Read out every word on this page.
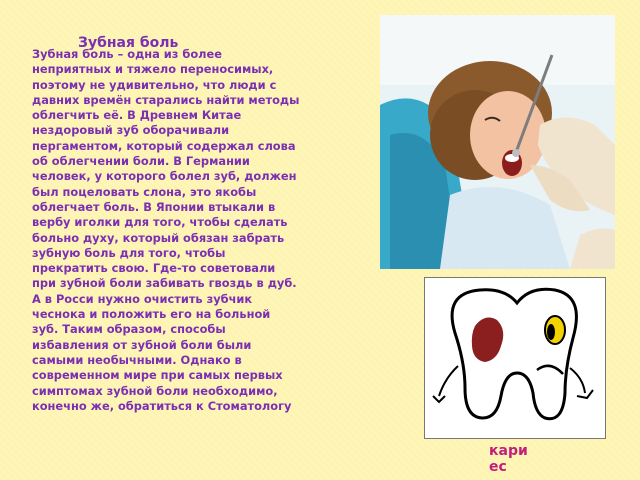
Зубная боль
Зубная боль – одна из более неприятных и тяжело переносимых, поэтому не удивительно, что люди с давних времён старались найти методы облегчить её. В Древнем Китае нездоровый зуб оборачивали пергаментом, который содержал слова об облегчении боли. В Германии человек, у которого болел зуб, должен был поцеловать слона, это якобы облегчает боль. В Японии втыкали в вербу иголки для того, чтобы сделать больно духу, который обязан забрать зубную боль для того, чтобы прекратить свою. Где-то советовали при зубной боли забивать гвоздь в дуб. А в Росси нужно очистить зубчик чеснока и положить его на больной зуб. Таким образом, способы избавления от зубной боли были самыми необычными. Однако в современном мире при самых первых симптомах зубной боли необходимо, конечно же, обратиться к Стоматологу
кариес
